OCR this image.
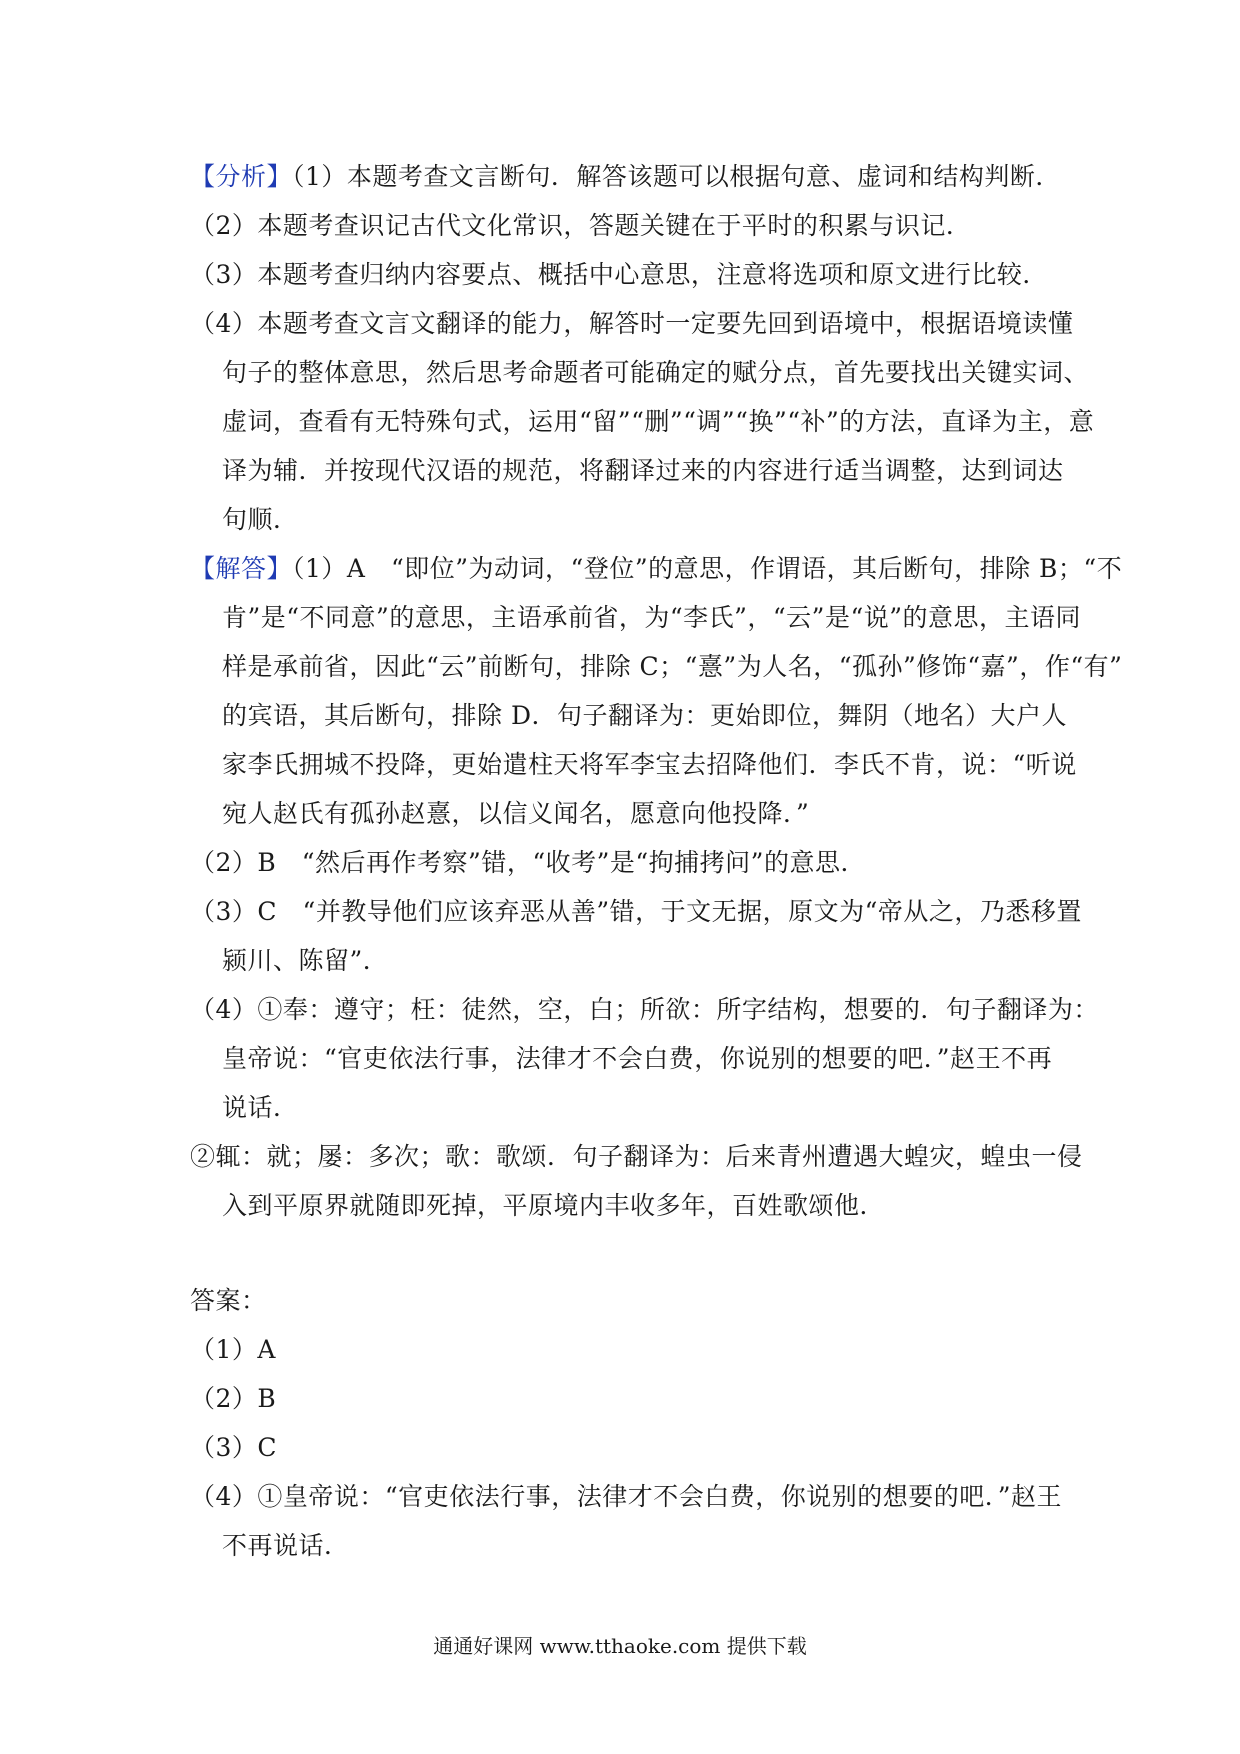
【分析】（1）本题考查文言断句．解答该题可以根据句意、虚词和结构判断．
（2）本题考查识记古代文化常识，答题关键在于平时的积累与识记．
（3）本题考查归纳内容要点、概括中心意思，注意将选项和原文进行比较．
（4）本题考查文言文翻译的能力，解答时一定要先回到语境中，根据语境读懂
句子的整体意思，然后思考命题者可能确定的赋分点，首先要找出关键实词、
虚词，查看有无特殊句式，运用“留”“删”“调”“换”“补”的方法，直译为主，意
译为辅．并按现代汉语的规范，将翻译过来的内容进行适当调整，达到词达
句顺．
【解答】（1）A　“即位”为动词，“登位”的意思，作谓语，其后断句，排除 B；“不
肯”是“不同意”的意思，主语承前省，为“李氏”，“云”是“说”的意思，主语同
样是承前省，因此“云”前断句，排除 C；“憙”为人名，“孤孙”修饰“嘉”，作“有”
的宾语，其后断句，排除 D．句子翻译为：更始即位，舞阴（地名）大户人
家李氏拥城不投降，更始遣柱天将军李宝去招降他们．李氏不肯，说：“听说
宛人赵氏有孤孙赵憙，以信义闻名，愿意向他投降．”
（2）B　“然后再作考察”错，“收考”是“拘捕拷问”的意思．
（3）C　“并教导他们应该弃恶从善”错，于文无据，原文为“帝从之，乃悉移置
颍川、陈留”．
（4）①奉：遵守；枉：徒然，空，白；所欲：所字结构，想要的．句子翻译为：
皇帝说：“官吏依法行事，法律才不会白费，你说别的想要的吧．”赵王不再
说话．
②辄：就；屡：多次；歌：歌颂．句子翻译为：后来青州遭遇大蝗灾，蝗虫一侵
入到平原界就随即死掉，平原境内丰收多年，百姓歌颂他．
答案：
（1）A
（2）B
（3）C
（4）①皇帝说：“官吏依法行事，法律才不会白费，你说别的想要的吧．”赵王
不再说话．
通通好课网 www.tthaoke.com 提供下载
